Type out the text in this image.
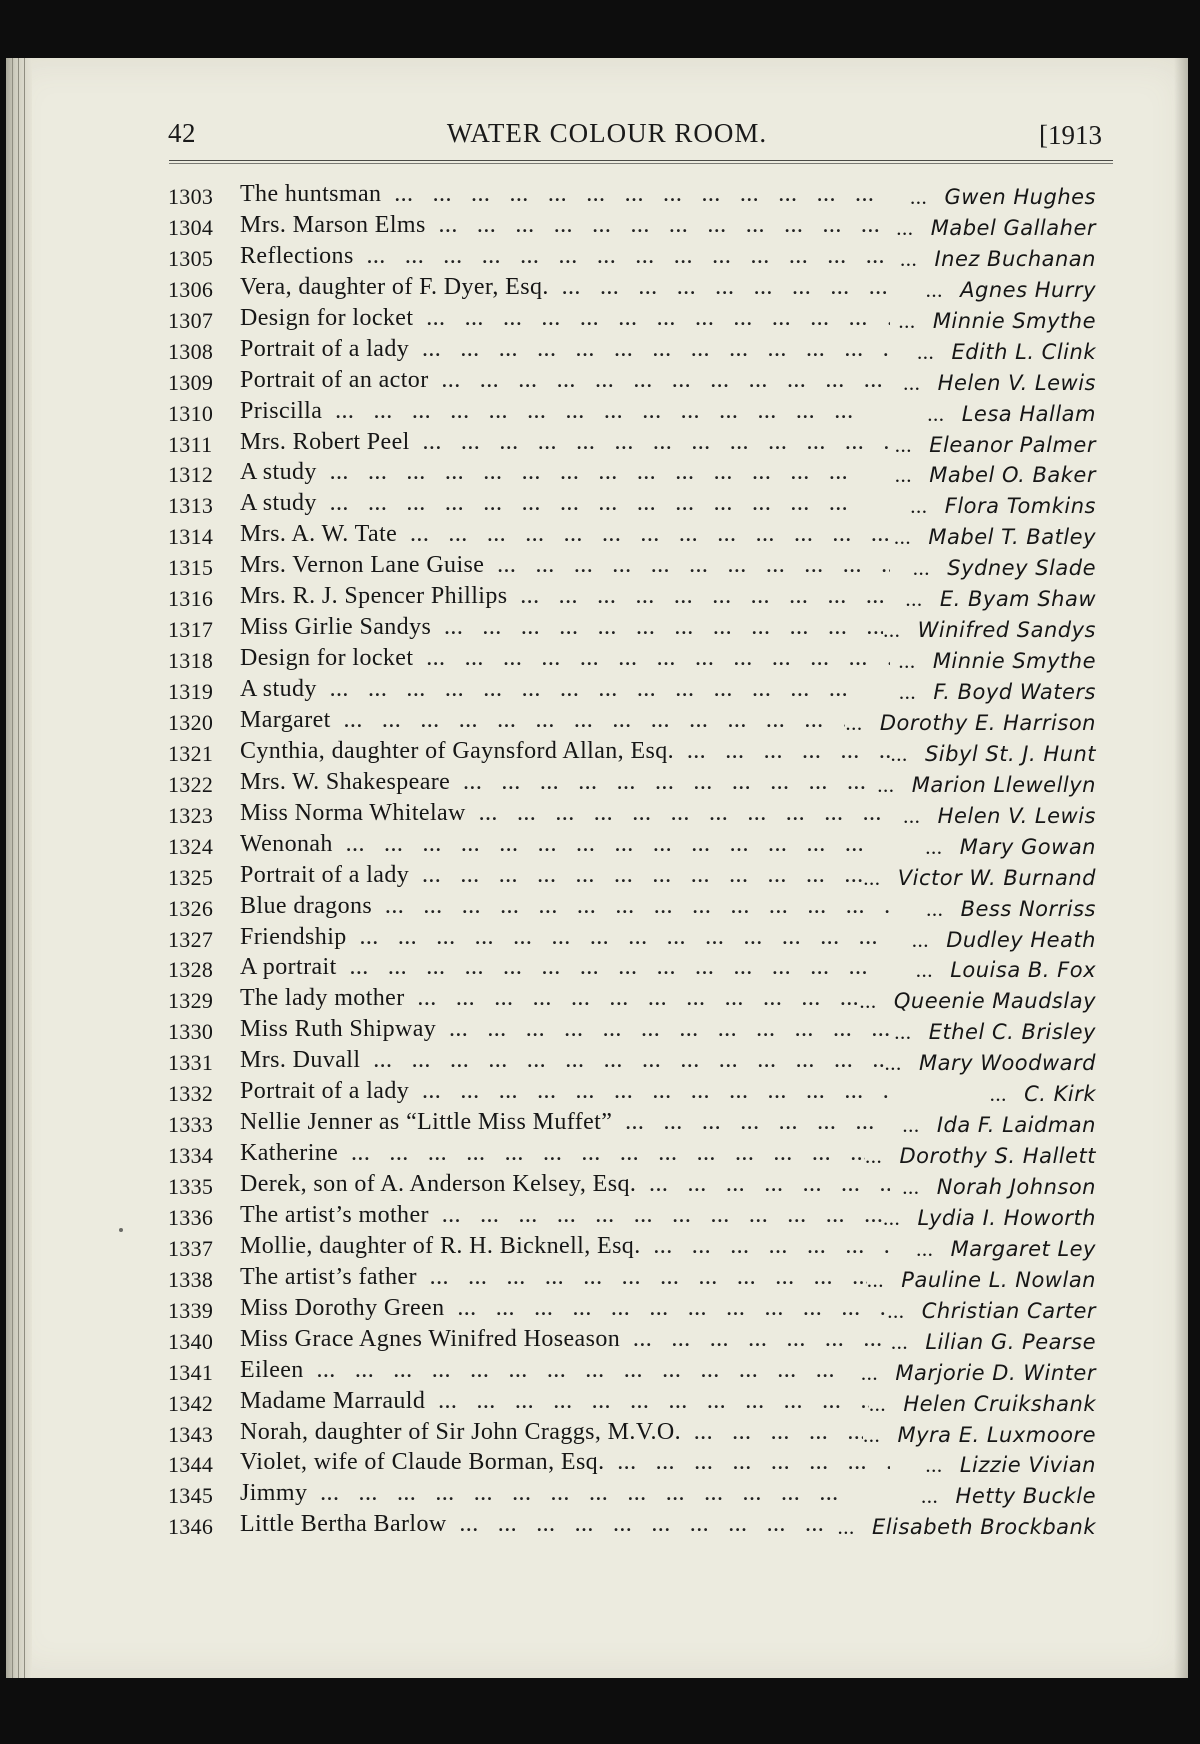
42	WATER COLOUR ROOM.	[1913
1303 The huntsman ...	...   Gwen Hughes
1304 Mrs. Marson Elms ...	...   Mabel Gallaher
1305 Reflections ...	...   Inez Buchanan
1306 Vera, daughter of F. Dyer, Esq. ...	...   Agnes Hurry
1307 Design for locket ...	...   Minnie Smythe
1308 Portrait of a lady ...	...   Edith L. Clink
1309 Portrait of an actor ...	...   Helen V. Lewis
1310 Priscilla ...	...   Lesa Hallam
1311 Mrs. Robert Peel ...	...   Eleanor Palmer
1312 A study ...	...   Mabel O. Baker
1313 A study ...	...   Flora Tomkins
1314 Mrs. A. W. Tate ...	...   Mabel T. Batley
1315 Mrs. Vernon Lane Guise ...	...   Sydney Slade
1316 Mrs. R. J. Spencer Phillips ...	...   E. Byam Shaw
1317 Miss Girlie Sandys ...	...   Winifred Sandys
1318 Design for locket ...	...   Minnie Smythe
1319 A study ...	...   F. Boyd Waters
1320 Margaret ...	...   Dorothy E. Harrison
1321 Cynthia, daughter of Gaynsford Allan, Esq. ...	...   Sibyl St. J. Hunt
1322 Mrs. W. Shakespeare ...	...   Marion Llewellyn
1323 Miss Norma Whitelaw ...	...   Helen V. Lewis
1324 Wenonah ...	...   Mary Gowan
1325 Portrait of a lady ...	...   Victor W. Burnand
1326 Blue dragons ...	...   Bess Norriss
1327 Friendship ...	...   Dudley Heath
1328 A portrait ...	...   Louisa B. Fox
1329 The lady mother ...	...   Queenie Maudslay
1330 Miss Ruth Shipway ...	...   Ethel C. Brisley
1331 Mrs. Duvall ...	...   Mary Woodward
1332 Portrait of a lady ...	...   C. Kirk
1333 Nellie Jenner as “Little Miss Muffet” ...	...   Ida F. Laidman
1334 Katherine ...	...   Dorothy S. Hallett
1335 Derek, son of A. Anderson Kelsey, Esq. ...	...   Norah Johnson
1336 The artist’s mother ...	...   Lydia I. Howorth
1337 Mollie, daughter of R. H. Bicknell, Esq. ...	...   Margaret Ley
1338 The artist’s father ...	...   Pauline L. Nowlan
1339 Miss Dorothy Green ...	...   Christian Carter
1340 Miss Grace Agnes Winifred Hoseason ...	...   Lilian G. Pearse
1341 Eileen ...	...   Marjorie D. Winter
1342 Madame Marrauld ...	...   Helen Cruikshank
1343 Norah, daughter of Sir John Craggs, M.V.O. ...	...   Myra E. Luxmoore
1344 Violet, wife of Claude Borman, Esq. ...	...   Lizzie Vivian
1345 Jimmy ...	...   Hetty Buckle
1346 Little Bertha Barlow ...	...   Elisabeth Brockbank
